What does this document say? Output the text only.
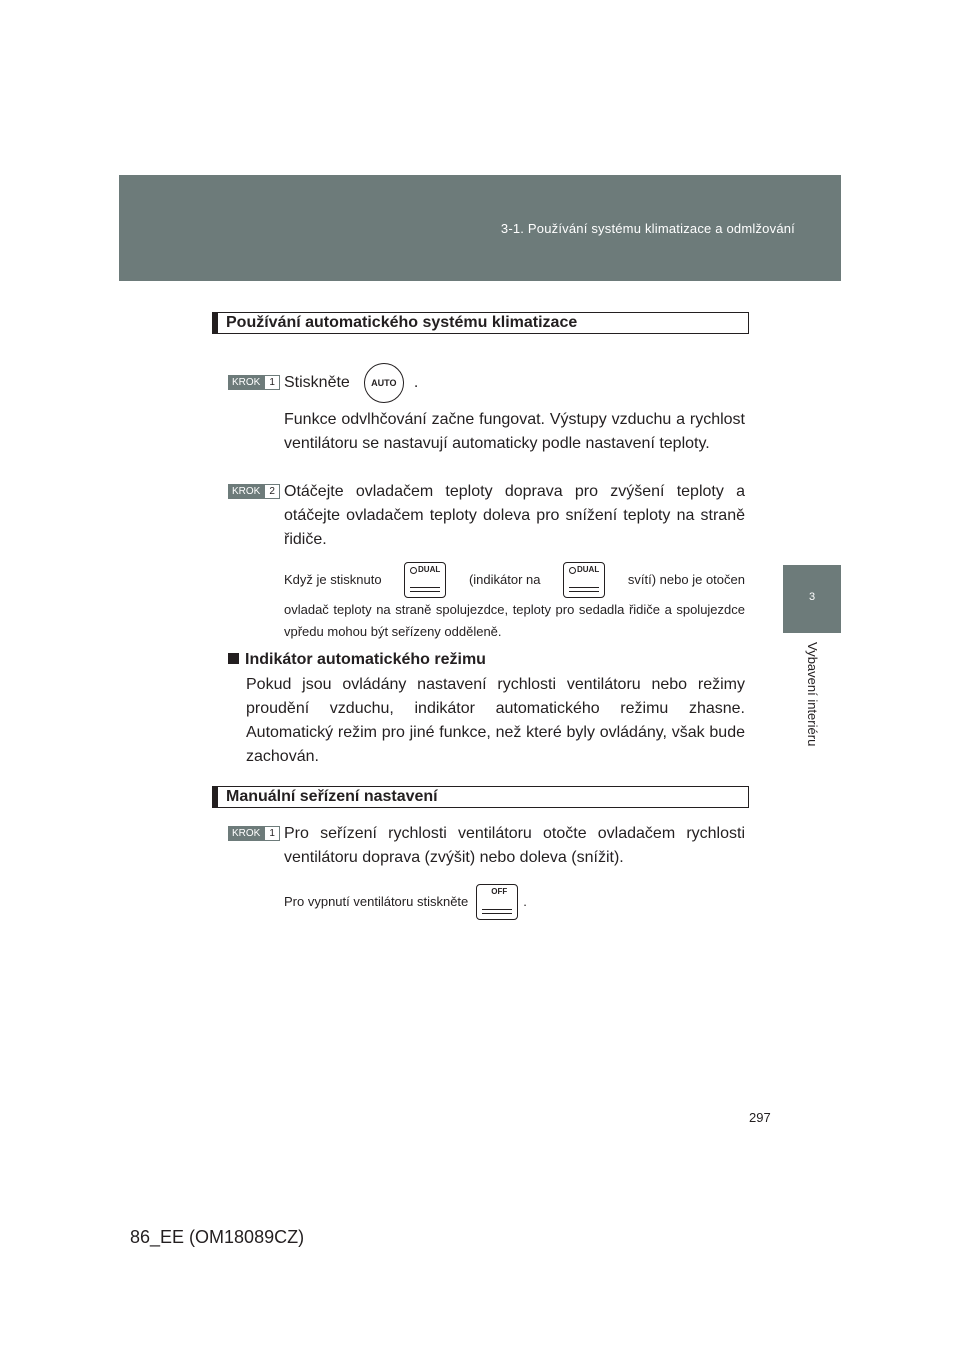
3-1. Používání systému klimatizace a odmlžování
3
Vybavení interiéru
Používání automatického systému klimatizace
KROK 1 Stiskněte AUTO .

Funkce odvlhčování začne fungovat. Výstupy vzduchu a rychlost ventilátoru se nastavují automaticky podle nastavení teploty.

KROK 2 Otáčejte ovladačem teploty doprava pro zvýšení teploty a otáčejte ovladačem teploty doleva pro snížení teploty na straně řidiče.

Když je stisknuto
DUAL
(indikátor na
DUAL
svítí) nebo je otočen

ovladač teploty na straně spolujezdce, teploty pro sedadla řidiče a spolujezdce vpředu mohou být seřízeny odděleně.

Indikátor automatického režimu

Pokud jsou ovládány nastavení rychlosti ventilátoru nebo režimy proudění vzduchu, indikátor automatického režimu zhasne. Automatický režim pro jiné funkce, než které byly ovládány, však bude zachován.

Manuální seřízení nastavení
KROK 1 Pro seřízení rychlosti ventilátoru otočte ovladačem rychlosti ventilátoru doprava (zvýšit) nebo doleva (snížit).

Pro vypnutí ventilátoru stiskněte
OFF
.
297
86_EE (OM18089CZ)
